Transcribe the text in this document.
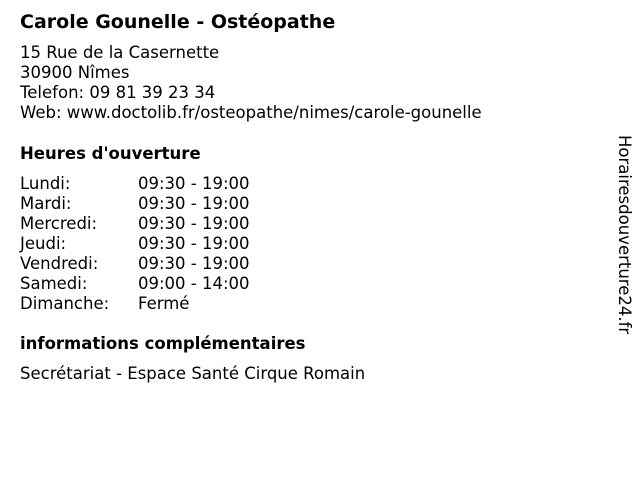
Carole Gounelle - Ostéopathe
15 Rue de la Casernette
30900 Nîmes
Telefon: 09 81 39 23 34
Web: www.doctolib.fr/osteopathe/nimes/carole-gounelle
Heures d'ouverture
Lundi:	09:30 - 19:00
Mardi:	09:30 - 19:00
Mercredi: 09:30 - 19:00
Jeudi:	09:30 - 19:00
Vendredi: 09:30 - 19:00
Samedi:	09:00 - 14:00
Dimanche: Fermé
informations complémentaires
Secrétariat - Espace Santé Cirque Romain
Horairesdouverture24.fr
